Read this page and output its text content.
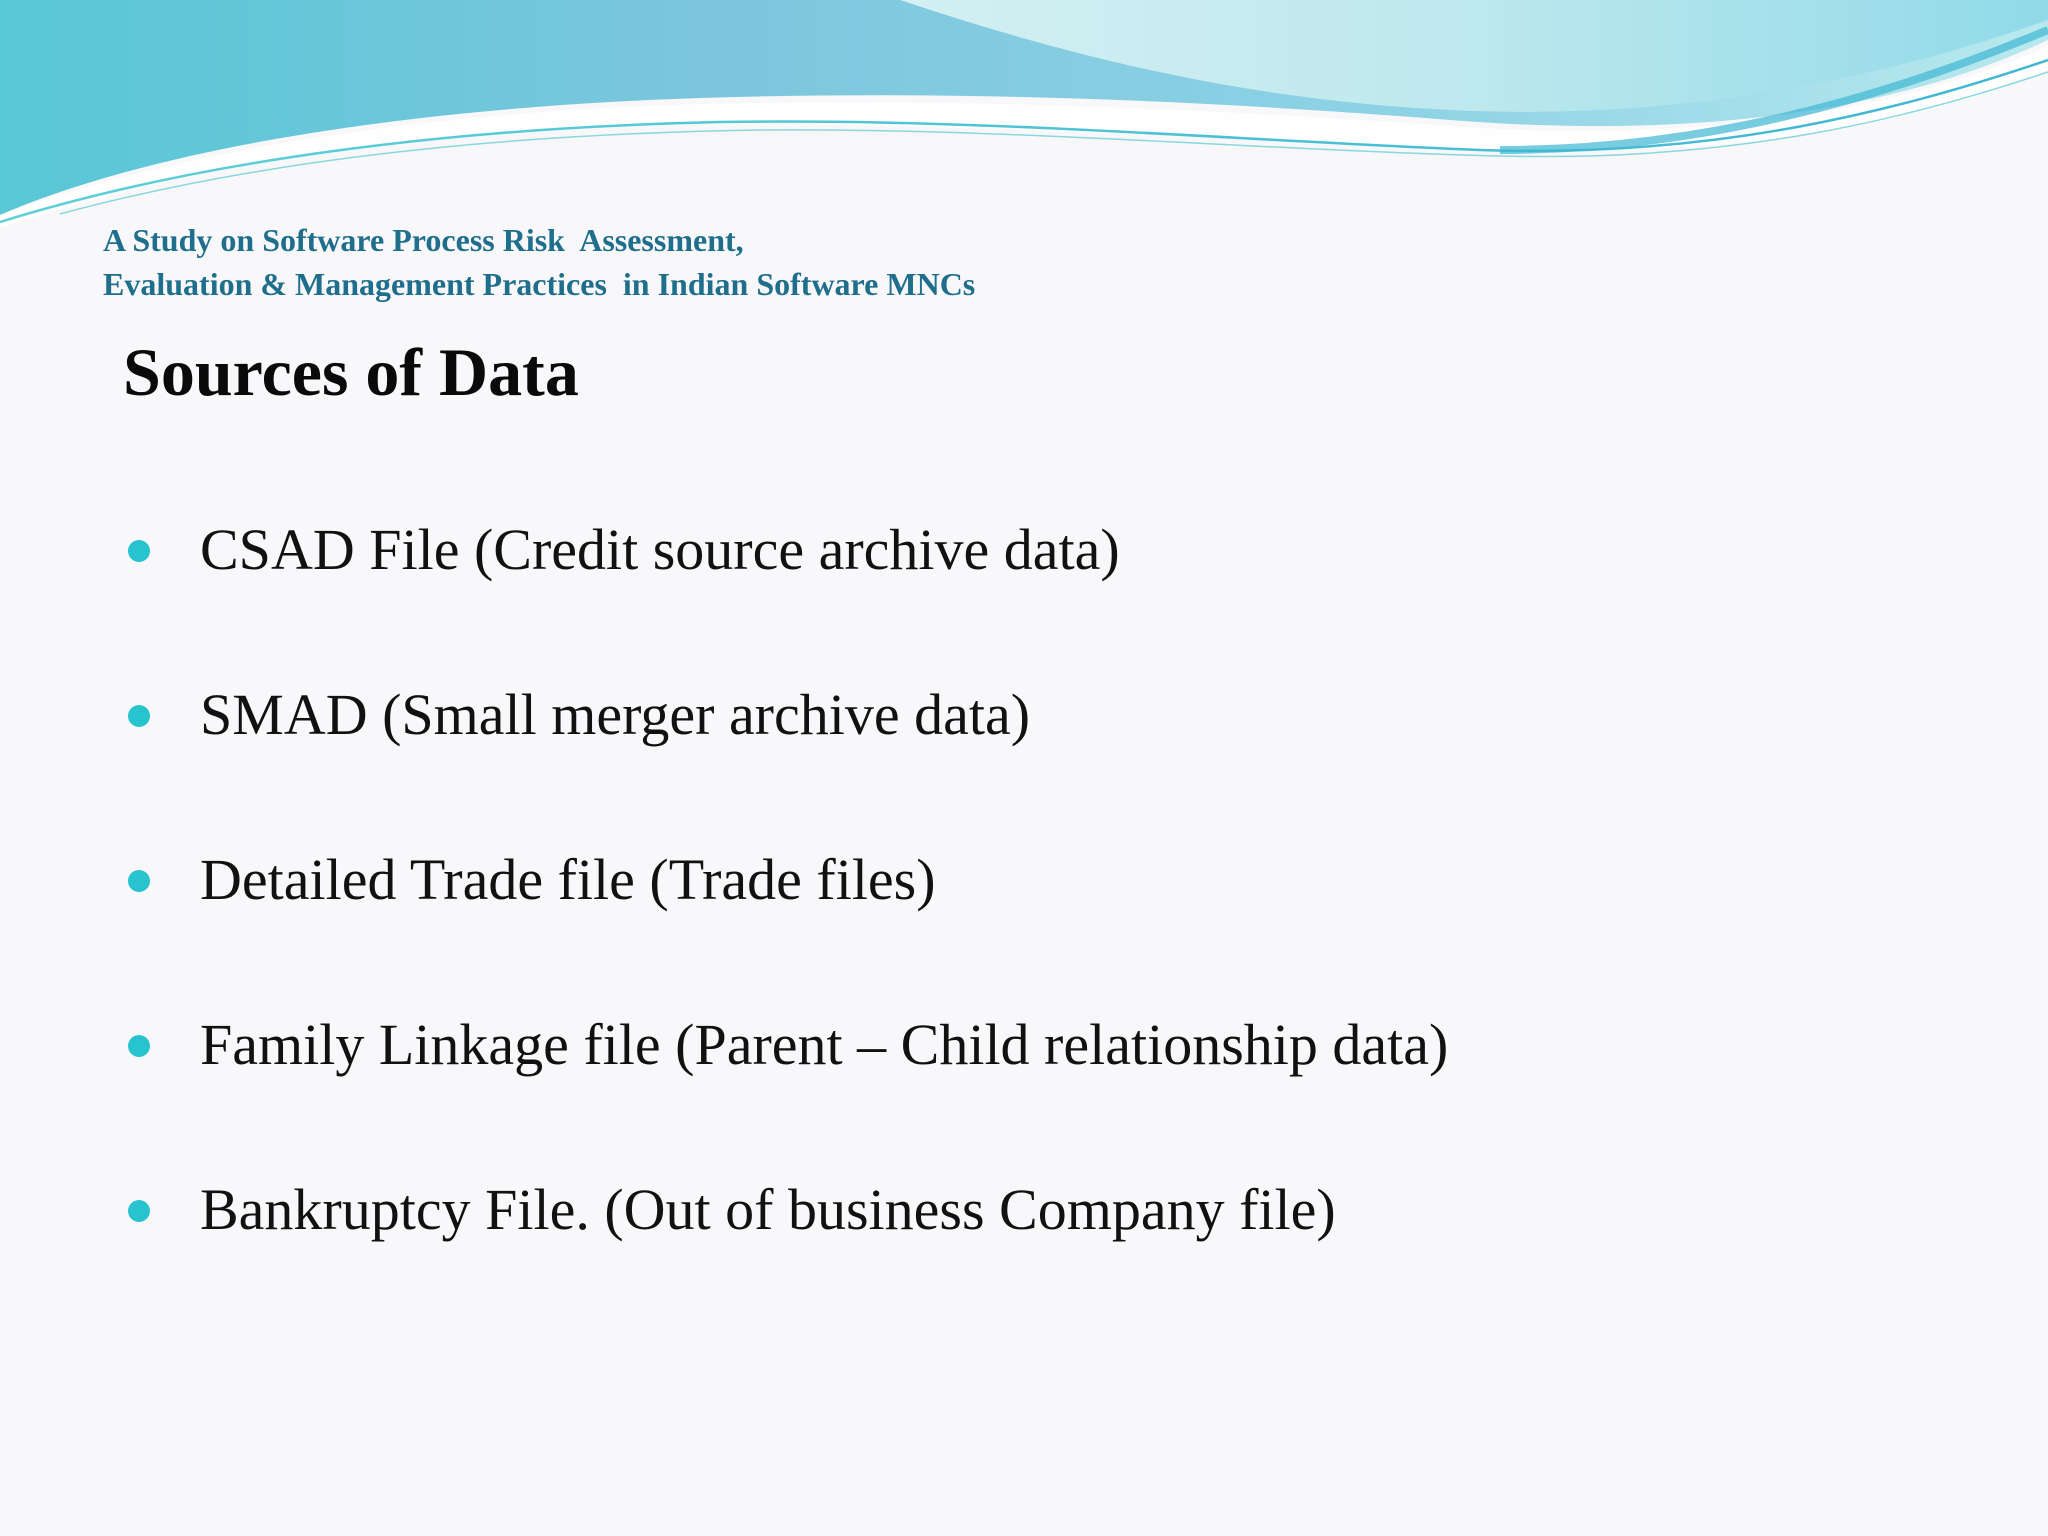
A Study on Software Process Risk  Assessment,
Evaluation & Management Practices  in Indian Software MNCs
Sources of Data
CSAD File (Credit source archive data)
SMAD (Small merger archive data)
Detailed Trade file (Trade files)
Family Linkage file (Parent – Child relationship data)
Bankruptcy File. (Out of business Company file)
